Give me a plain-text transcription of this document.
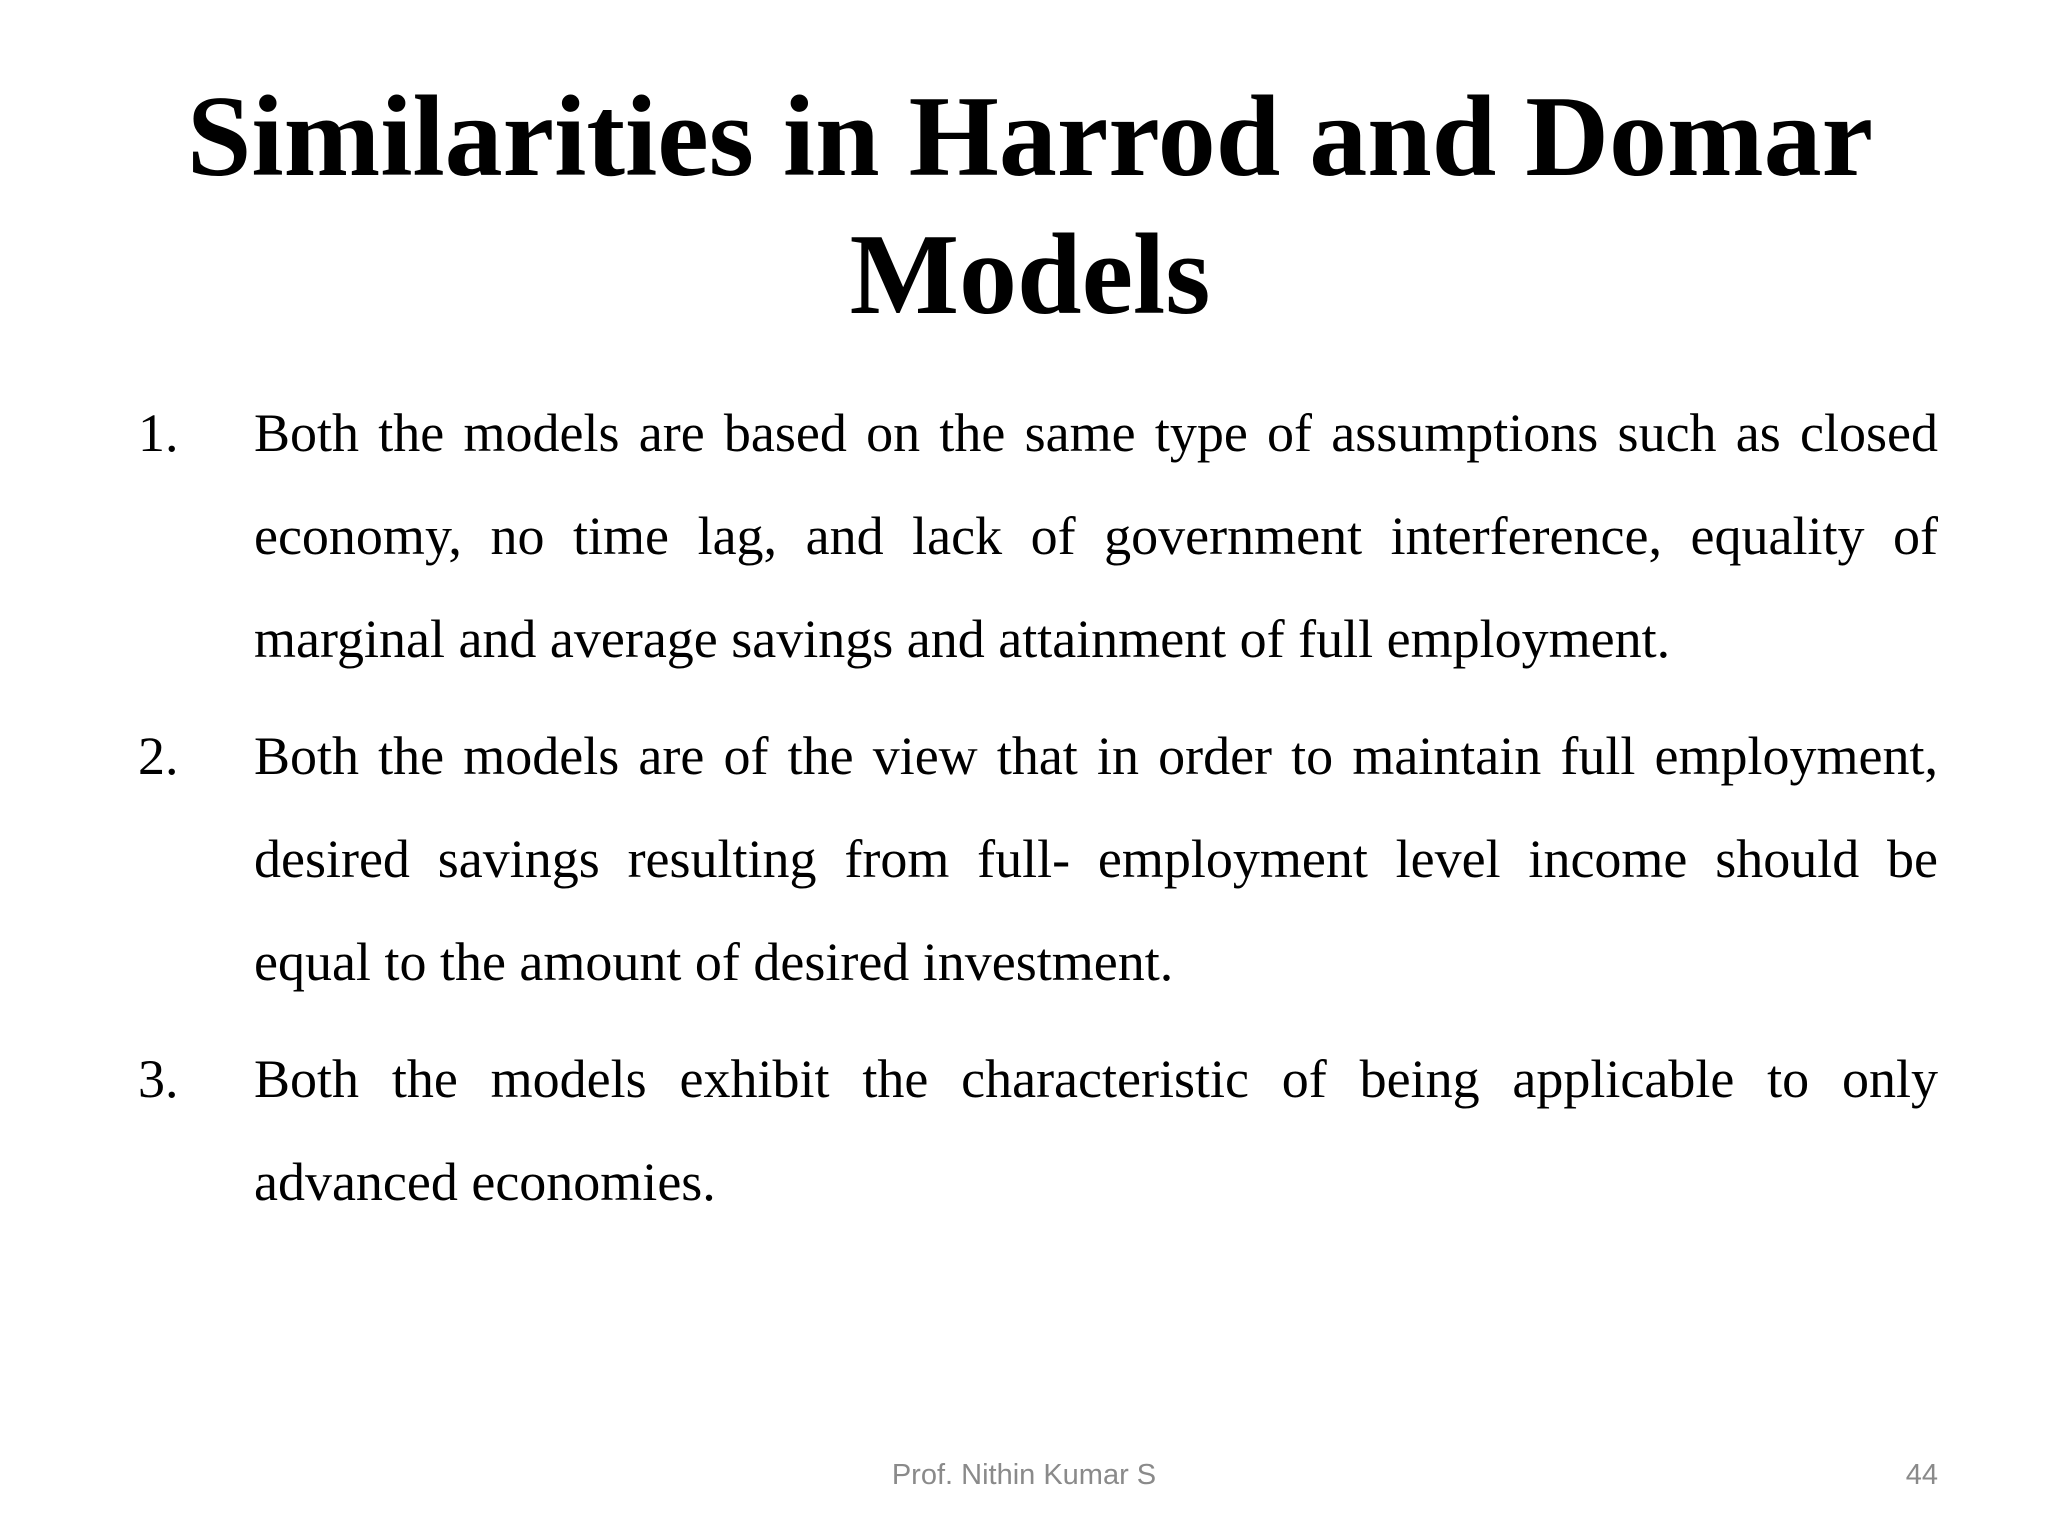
Similarities in Harrod and Domar Models
1.	Both the models are based on the same type of assumptions such as closed economy, no time lag, and lack of government interference, equality of marginal and average savings and attainment of full employment.
2.	Both the models are of the view that in order to maintain full employment, desired savings resulting from full- employment level income should be equal to the amount of desired investment.
3.	Both the models exhibit the characteristic of being applicable to only advanced economies.
Prof. Nithin Kumar S	44
